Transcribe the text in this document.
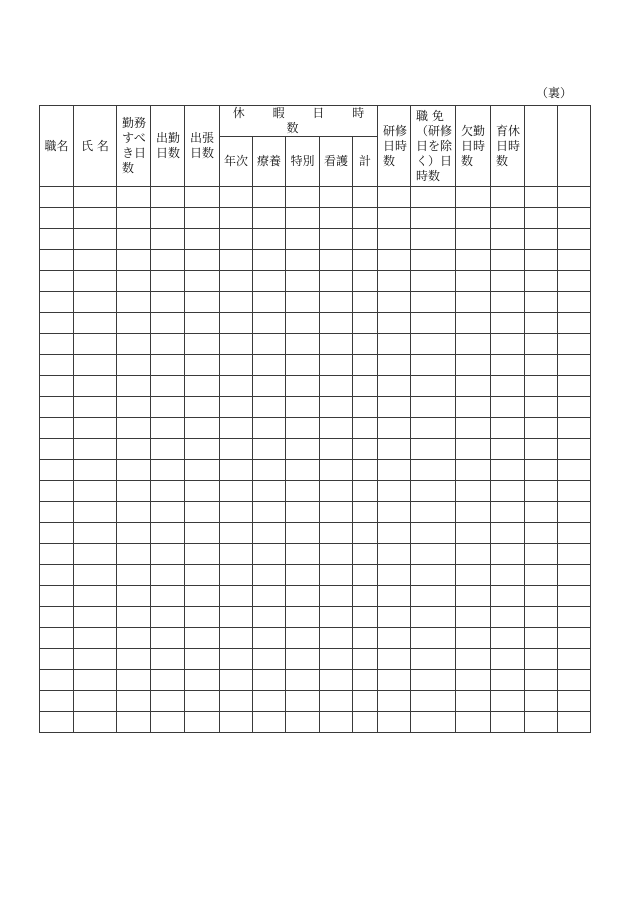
（裏）
職名	氏 名	勤務すべき日数	出勤日数	出張日数	休 暇 日 時 数					研修日時数	職 免（研修日を除く）日時数	欠勤日時数	育休日時数		
					年次	療養	特別	看護	計						
